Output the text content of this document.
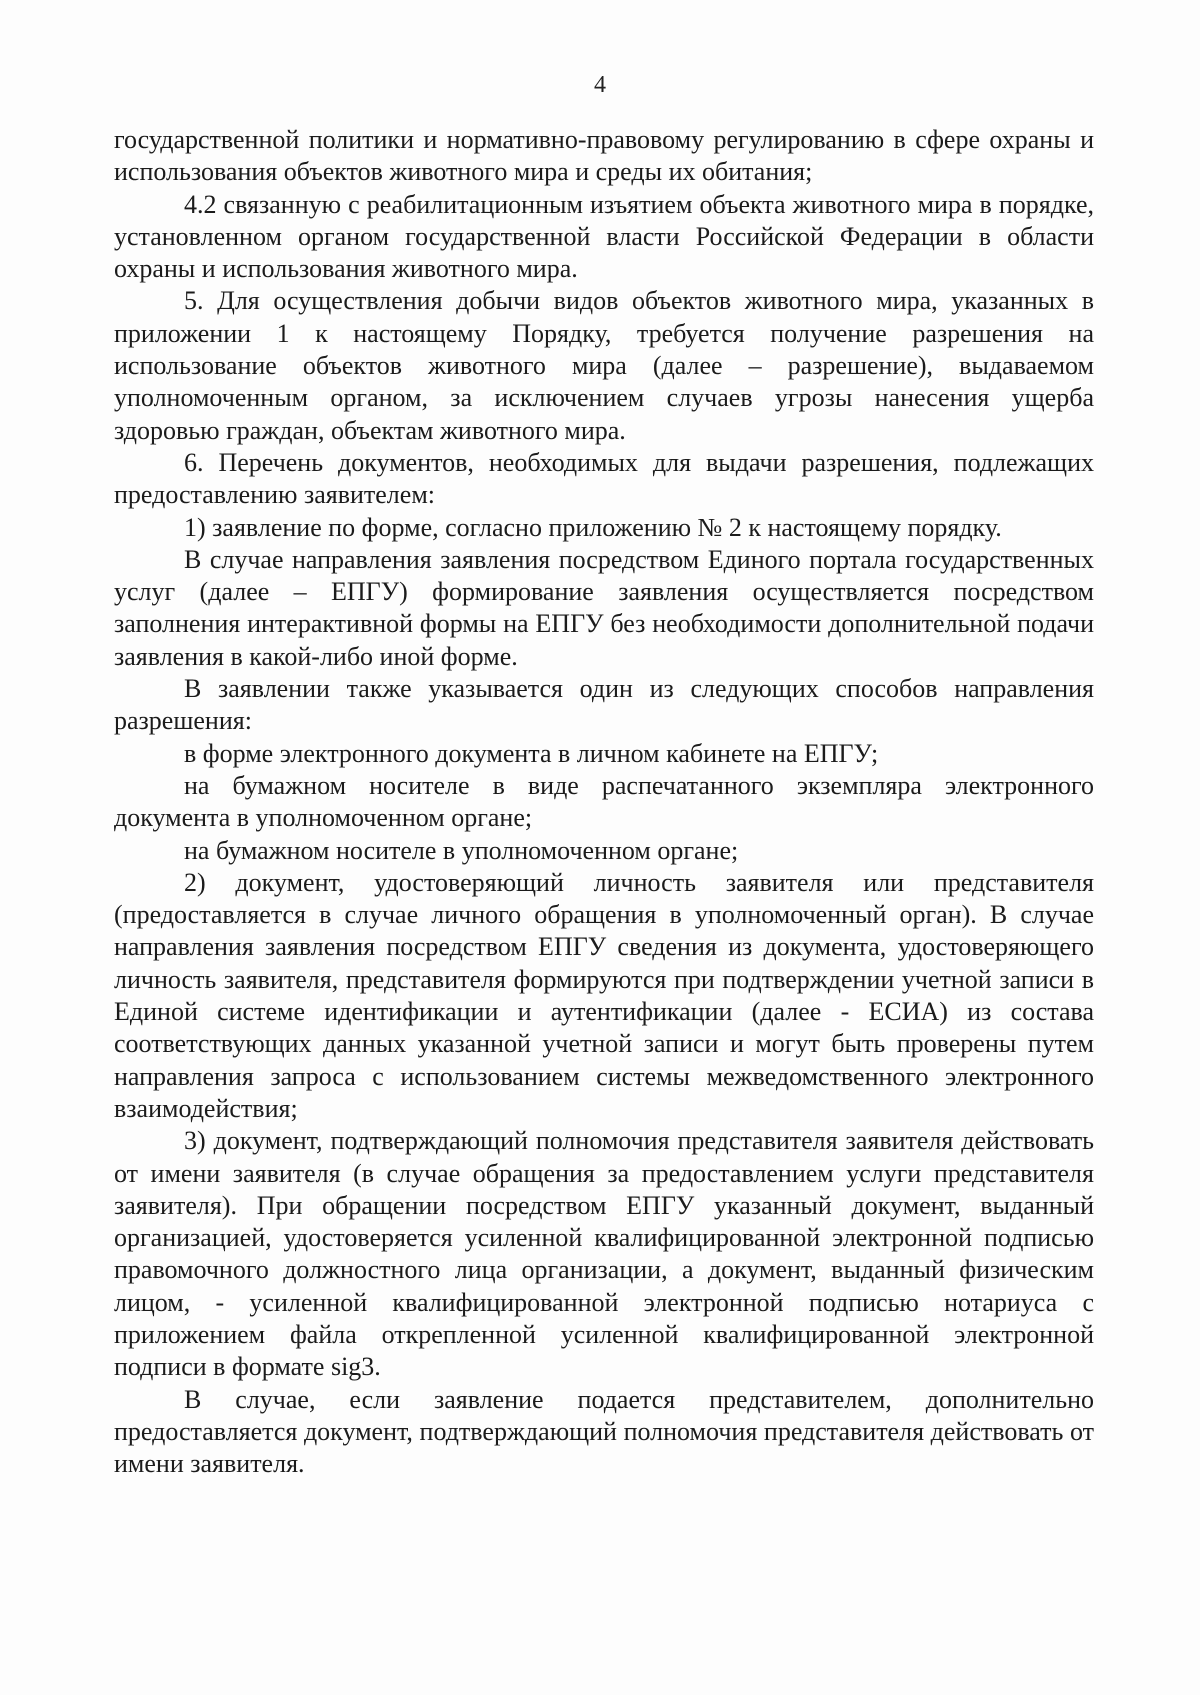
4

государственной политики и нормативно-правовому регулированию в сфере охраны и использования объектов животного мира и среды их обитания;

4.2 связанную с реабилитационным изъятием объекта животного мира в порядке, установленном органом государственной власти Российской Федерации в области охраны и использования животного мира.

5. Для осуществления добычи видов объектов животного мира, указанных в приложении 1 к настоящему Порядку, требуется получение разрешения на использование объектов животного мира (далее – разрешение), выдаваемом уполномоченным органом, за исключением случаев угрозы нанесения ущерба здоровью граждан, объектам животного мира.

6. Перечень документов, необходимых для выдачи разрешения, подлежащих предоставлению заявителем:

1) заявление по форме, согласно приложению № 2 к настоящему порядку.

В случае направления заявления посредством Единого портала государственных услуг (далее – ЕПГУ) формирование заявления осуществляется посредством заполнения интерактивной формы на ЕПГУ без необходимости дополнительной подачи заявления в какой-либо иной форме.

В заявлении также указывается один из следующих способов направления разрешения:

в форме электронного документа в личном кабинете на ЕПГУ;

на бумажном носителе в виде распечатанного экземпляра электронного документа в уполномоченном органе;

на бумажном носителе в уполномоченном органе;

2) документ, удостоверяющий личность заявителя или представителя (предоставляется в случае личного обращения в уполномоченный орган). В случае направления заявления посредством ЕПГУ сведения из документа, удостоверяющего личность заявителя, представителя формируются при подтверждении учетной записи в Единой системе идентификации и аутентификации (далее - ЕСИА) из состава соответствующих данных указанной учетной записи и могут быть проверены путем направления запроса с использованием системы межведомственного электронного взаимодействия;

3) документ, подтверждающий полномочия представителя заявителя действовать от имени заявителя (в случае обращения за предоставлением услуги представителя заявителя). При обращении посредством ЕПГУ указанный документ, выданный организацией, удостоверяется усиленной квалифицированной электронной подписью правомочного должностного лица организации, а документ, выданный физическим лицом, - усиленной квалифицированной электронной подписью нотариуса с приложением файла открепленной усиленной квалифицированной электронной подписи в формате sig3.

В случае, если заявление подается представителем, дополнительно предоставляется документ, подтверждающий полномочия представителя действовать от имени заявителя.
